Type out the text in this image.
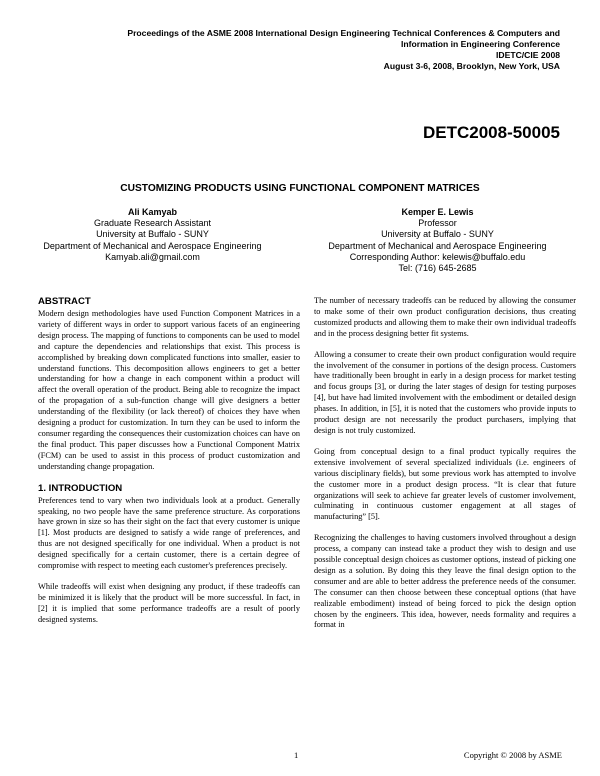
Proceedings of the ASME 2008 International Design Engineering Technical Conferences & Computers and
Information in Engineering Conference
IDETC/CIE 2008
August 3-6, 2008, Brooklyn, New York, USA
DETC2008-50005
CUSTOMIZING PRODUCTS USING FUNCTIONAL COMPONENT MATRICES
Ali Kamyab
Graduate Research Assistant
University at Buffalo - SUNY
Department of Mechanical and Aerospace Engineering
Kamyab.ali@gmail.com
Kemper E. Lewis
Professor
University at Buffalo - SUNY
Department of Mechanical and Aerospace Engineering
Corresponding Author: kelewis@buffalo.edu
Tel: (716) 645-2685
ABSTRACT

Modern design methodologies have used Function Component Matrices in a variety of different ways in order to support various facets of an engineering design process. The mapping of functions to components can be used to model and capture the dependencies and relationships that exist. This process is accomplished by breaking down complicated functions into smaller, easier to understand functions. This decomposition allows engineers to get a better understanding for how a change in each component within a product will affect the overall operation of the product. Being able to recognize the impact of the propagation of a sub-function change will give designers a better understanding of the flexibility (or lack thereof) of choices they have when designing a product for customization. In turn they can be used to inform the consumer regarding the consequences their customization choices can have on the final product. This paper discusses how a Functional Component Matrix (FCM) can be used to assist in this process of product customization and understanding change propagation.

1. INTRODUCTION

Preferences tend to vary when two individuals look at a product. Generally speaking, no two people have the same preference structure. As corporations have grown in size so has their sight on the fact that every customer is unique [1]. Most products are designed to satisfy a wide range of preferences, and thus are not designed specifically for one individual. When a product is not designed specifically for a certain customer, there is a certain degree of compromise with respect to meeting each customer's preferences precisely.

While tradeoffs will exist when designing any product, if these tradeoffs can be minimized it is likely that the product will be more successful. In fact, in [2] it is implied that some performance tradeoffs are a result of poorly designed systems.

The number of necessary tradeoffs can be reduced by allowing the consumer to make some of their own product configuration decisions, thus creating customized products and allowing them to make their own individual tradeoffs and in the process designing better fit systems.

Allowing a consumer to create their own product configuration would require the involvement of the consumer in portions of the design process. Customers have traditionally been brought in early in a design process for market testing and focus groups [3], or during the later stages of design for testing purposes [4], but have had limited involvement with the embodiment or detailed design phases. In addition, in [5], it is noted that the customers who provide inputs to product design are not necessarily the product purchasers, implying that design is not truly customized.

Going from conceptual design to a final product typically requires the extensive involvement of several specialized individuals (i.e. engineers of various disciplinary fields), but some previous work has attempted to involve the customer more in a product design process. “It is clear that future organizations will seek to achieve far greater levels of customer involvement, culminating in continuous customer engagement at all stages of manufacturing” [5].

Recognizing the challenges to having customers involved throughout a design process, a company can instead take a product they wish to design and use possible conceptual design choices as customer options, instead of picking one design as a solution. By doing this they leave the final design option to the consumer and are able to better address the preference needs of the consumer. The consumer can then choose between these conceptual options (that have realizable embodiment) instead of being forced to pick the design option chosen by the engineers. This idea, however, needs formality and requires a format in

1	Copyright © 2008 by ASME
